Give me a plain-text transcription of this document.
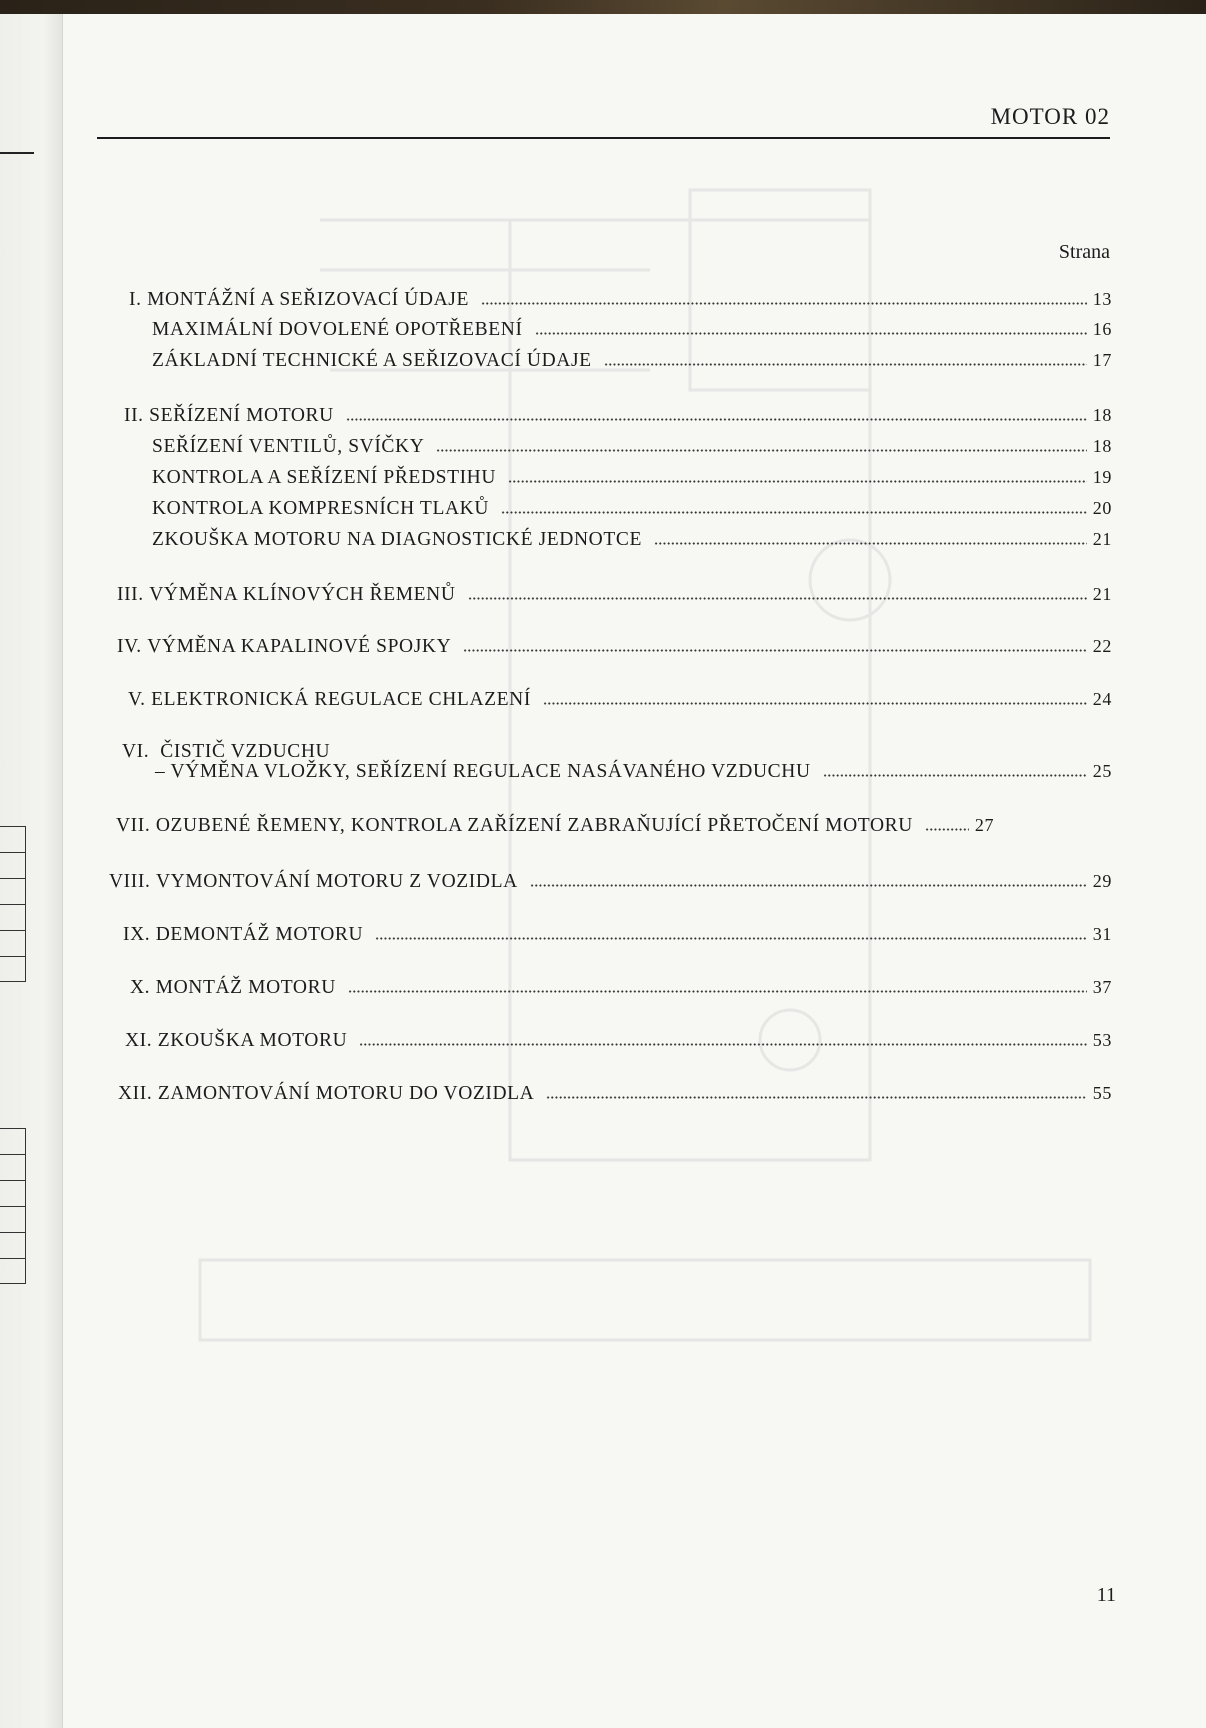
MOTOR 02
Strana
I.
MONTÁŽNÍ A SEŘIZOVACÍ ÚDAJE	13
MAXIMÁLNÍ DOVOLENÉ OPOTŘEBENÍ	16
ZÁKLADNÍ TECHNICKÉ A SEŘIZOVACÍ ÚDAJE	17
II.
SEŘÍZENÍ MOTORU	18
SEŘÍZENÍ VENTILŮ, SVÍČKY	18
KONTROLA A SEŘÍZENÍ PŘEDSTIHU	19
KONTROLA KOMPRESNÍCH TLAKŮ	20
ZKOUŠKA MOTORU NA DIAGNOSTICKÉ JEDNOTCE	21
III.
VÝMĚNA KLÍNOVÝCH ŘEMENŮ	21
IV.
VÝMĚNA KAPALINOVÉ SPOJKY	22
V.
ELEKTRONICKÁ REGULACE CHLAZENÍ	24
VI. ČISTIČ VZDUCHU
– VÝMĚNA VLOŽKY, SEŘÍZENÍ REGULACE NASÁVANÉHO VZDUCHU	25
VII.
OZUBENÉ ŘEMENY, KONTROLA ZAŘÍZENÍ ZABRAŇUJÍCÍ PŘETOČENÍ MOTORU	27
VIII.
VYMONTOVÁNÍ MOTORU Z VOZIDLA	29
IX.
DEMONTÁŽ MOTORU	31
X.
MONTÁŽ MOTORU	37
XI.
ZKOUŠKA MOTORU	53
XII.
ZAMONTOVÁNÍ MOTORU DO VOZIDLA	55
11
